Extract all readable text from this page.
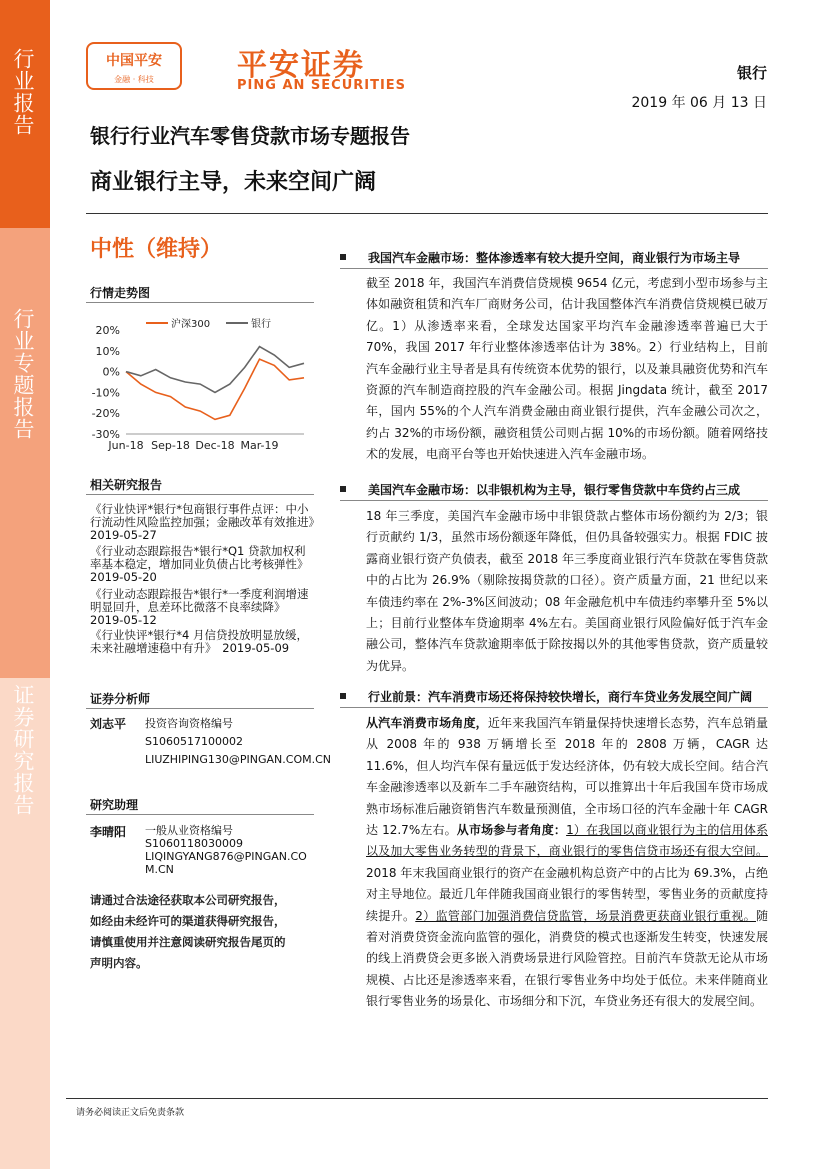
行业报告
行业专题报告
证券研究报告
中国平安
金融 · 科技	平安证券
PING AN SECURITIES
银行
2019 年 06 月 13 日
银行行业汽车零售贷款市场专题报告
商业银行主导，未来空间广阔
中性（维持）
行情走势图
20%
10%
0%
-10%
-20%
-30%
Jun-18 Sep-18 Dec-18 Mar-19
沪深300	银行
相关研究报告
《行业快评*银行*包商银行事件点评：中小行流动性风险监控加强；金融改革有效推进》　2019-05-27
《行业动态跟踪报告*银行*Q1 贷款加权利率基本稳定，增加同业负债占比考核弹性》　2019-05-20
《行业动态跟踪报告*银行*一季度利润增速明显回升，息差环比微落不良率续降》　2019-05-12
《行业快评*银行*4 月信贷投放明显放缓，未来社融增速稳中有升》　2019-05-09
证券分析师
刘志平 投资咨询资格编号
S1060517100002
LIUZHIPING130@PINGAN.COM.CN
研究助理
李晴阳 一般从业资格编号
S1060118030009
LIQINGYANG876@PINGAN.COM.CN
请通过合法途径获取本公司研究报告，如经由未经许可的渠道获得研究报告，请慎重使用并注意阅读研究报告尾页的声明内容。
我国汽车金融市场：整体渗透率有较大提升空间，商业银行为市场主导

截至 2018 年，我国汽车消费信贷规模 9654 亿元，考虑到小型市场参与主体如融资租赁和汽车厂商财务公司，估计我国整体汽车消费信贷规模已破万亿。1）从渗透率来看，全球发达国家平均汽车金融渗透率普遍已大于 70%，我国 2017 年行业整体渗透率估计为 38%。2）行业结构上，目前汽车金融行业主导者是具有传统资本优势的银行，以及兼具融资优势和汽车资源的汽车制造商控股的汽车金融公司。根据 Jingdata 统计，截至 2017 年，国内 55%的个人汽车消费金融由商业银行提供，汽车金融公司次之，约占 32%的市场份额，融资租赁公司则占据 10%的市场份额。随着网络技术的发展，电商平台等也开始快速进入汽车金融市场。

美国汽车金融市场：以非银机构为主导，银行零售贷款中车贷约占三成

18 年三季度，美国汽车金融市场中非银贷款占整体市场份额约为 2/3；银行贡献约 1/3，虽然市场份额逐年降低，但仍具备较强实力。根据 FDIC 披露商业银行资产负债表，截至 2018 年三季度商业银行汽车贷款在零售贷款中的占比为 26.9%（剔除按揭贷款的口径）。资产质量方面，21 世纪以来车债违约率在 2%-3%区间波动；08 年金融危机中车债违约率攀升至 5%以上；目前行业整体车贷逾期率 4%左右。美国商业银行风险偏好低于汽车金融公司，整体汽车贷款逾期率低于除按揭以外的其他零售贷款，资产质量较为优异。

行业前景：汽车消费市场还将保持较快增长，商行车贷业务发展空间广阔

从汽车消费市场角度，近年来我国汽车销量保持快速增长态势，汽车总销量从 2008 年的 938 万辆增长至 2018 年的 2808 万辆，CAGR 达 11.6%，但人均汽车保有量远低于发达经济体，仍有较大成长空间。结合汽车金融渗透率以及新车二手车融资结构，可以推算出十年后我国车贷市场成熟市场标准后融资销售汽车数量预测值，全市场口径的汽车金融十年 CAGR 达 12.7%左右。从市场参与者角度：1）在我国以商业银行为主的信用体系以及加大零售业务转型的背景下，商业银行的零售信贷市场还有很大空间。2018 年末我国商业银行的资产在金融机构总资产中的占比为 69.3%，占绝对主导地位。最近几年伴随我国商业银行的零售转型，零售业务的贡献度持续提升。2）监管部门加强消费信贷监管，场景消费更获商业银行重视。随着对消费贷资金流向监管的强化，消费贷的模式也逐渐发生转变，快速发展的线上消费贷会更多嵌入消费场景进行风险管控。目前汽车贷款无论从市场规模、占比还是渗透率来看，在银行零售业务中均处于低位。未来伴随商业银行零售业务的场景化、市场细分和下沉，车贷业务还有很大的发展空间。

请务必阅读正文后免责条款
